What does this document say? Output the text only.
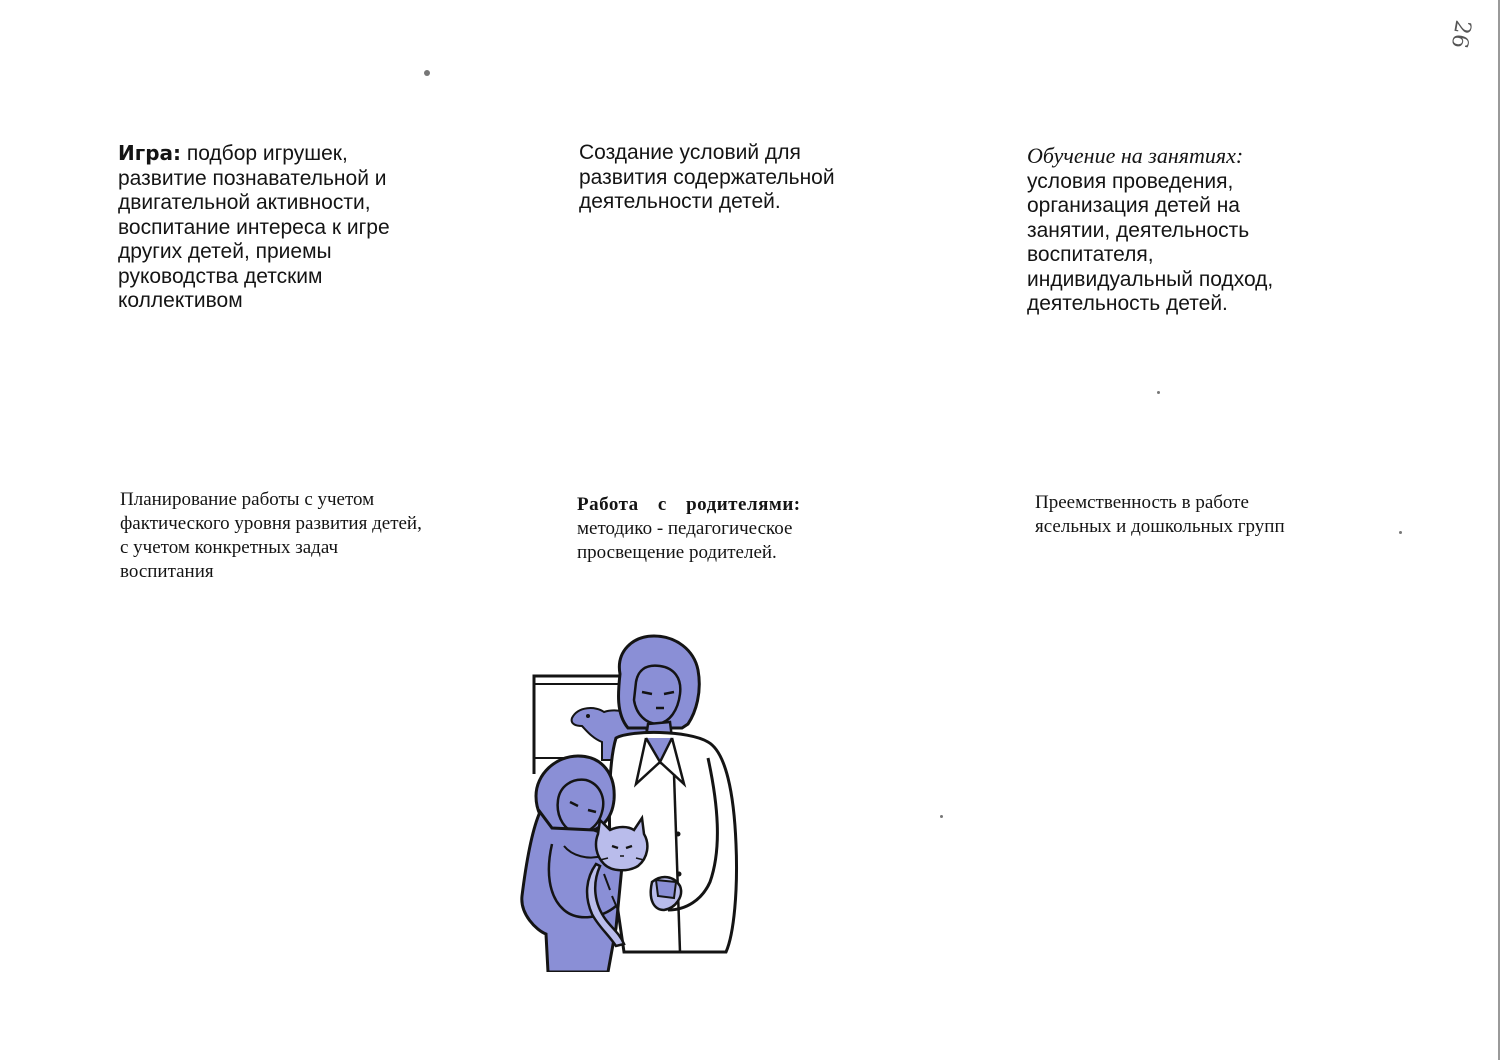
26
Игра: подбор игрушек,
развитие познавательной и
двигательной активности,
воспитание интереса к игре
других детей, приемы
руководства детским
коллективом
Создание условий для
развития содержательной
деятельности детей.
Обучение на занятиях:
условия проведения,
организация детей на
занятии, деятельность
воспитателя,
индивидуальный подход,
деятельность детей.
Планирование работы с учетом
фактического уровня развития детей,
с учетом конкретных задач
воспитания
Работа с родителями:
методико - педагогическое
просвещение родителей.
Преемственность в работе
ясельных и дошкольных групп
